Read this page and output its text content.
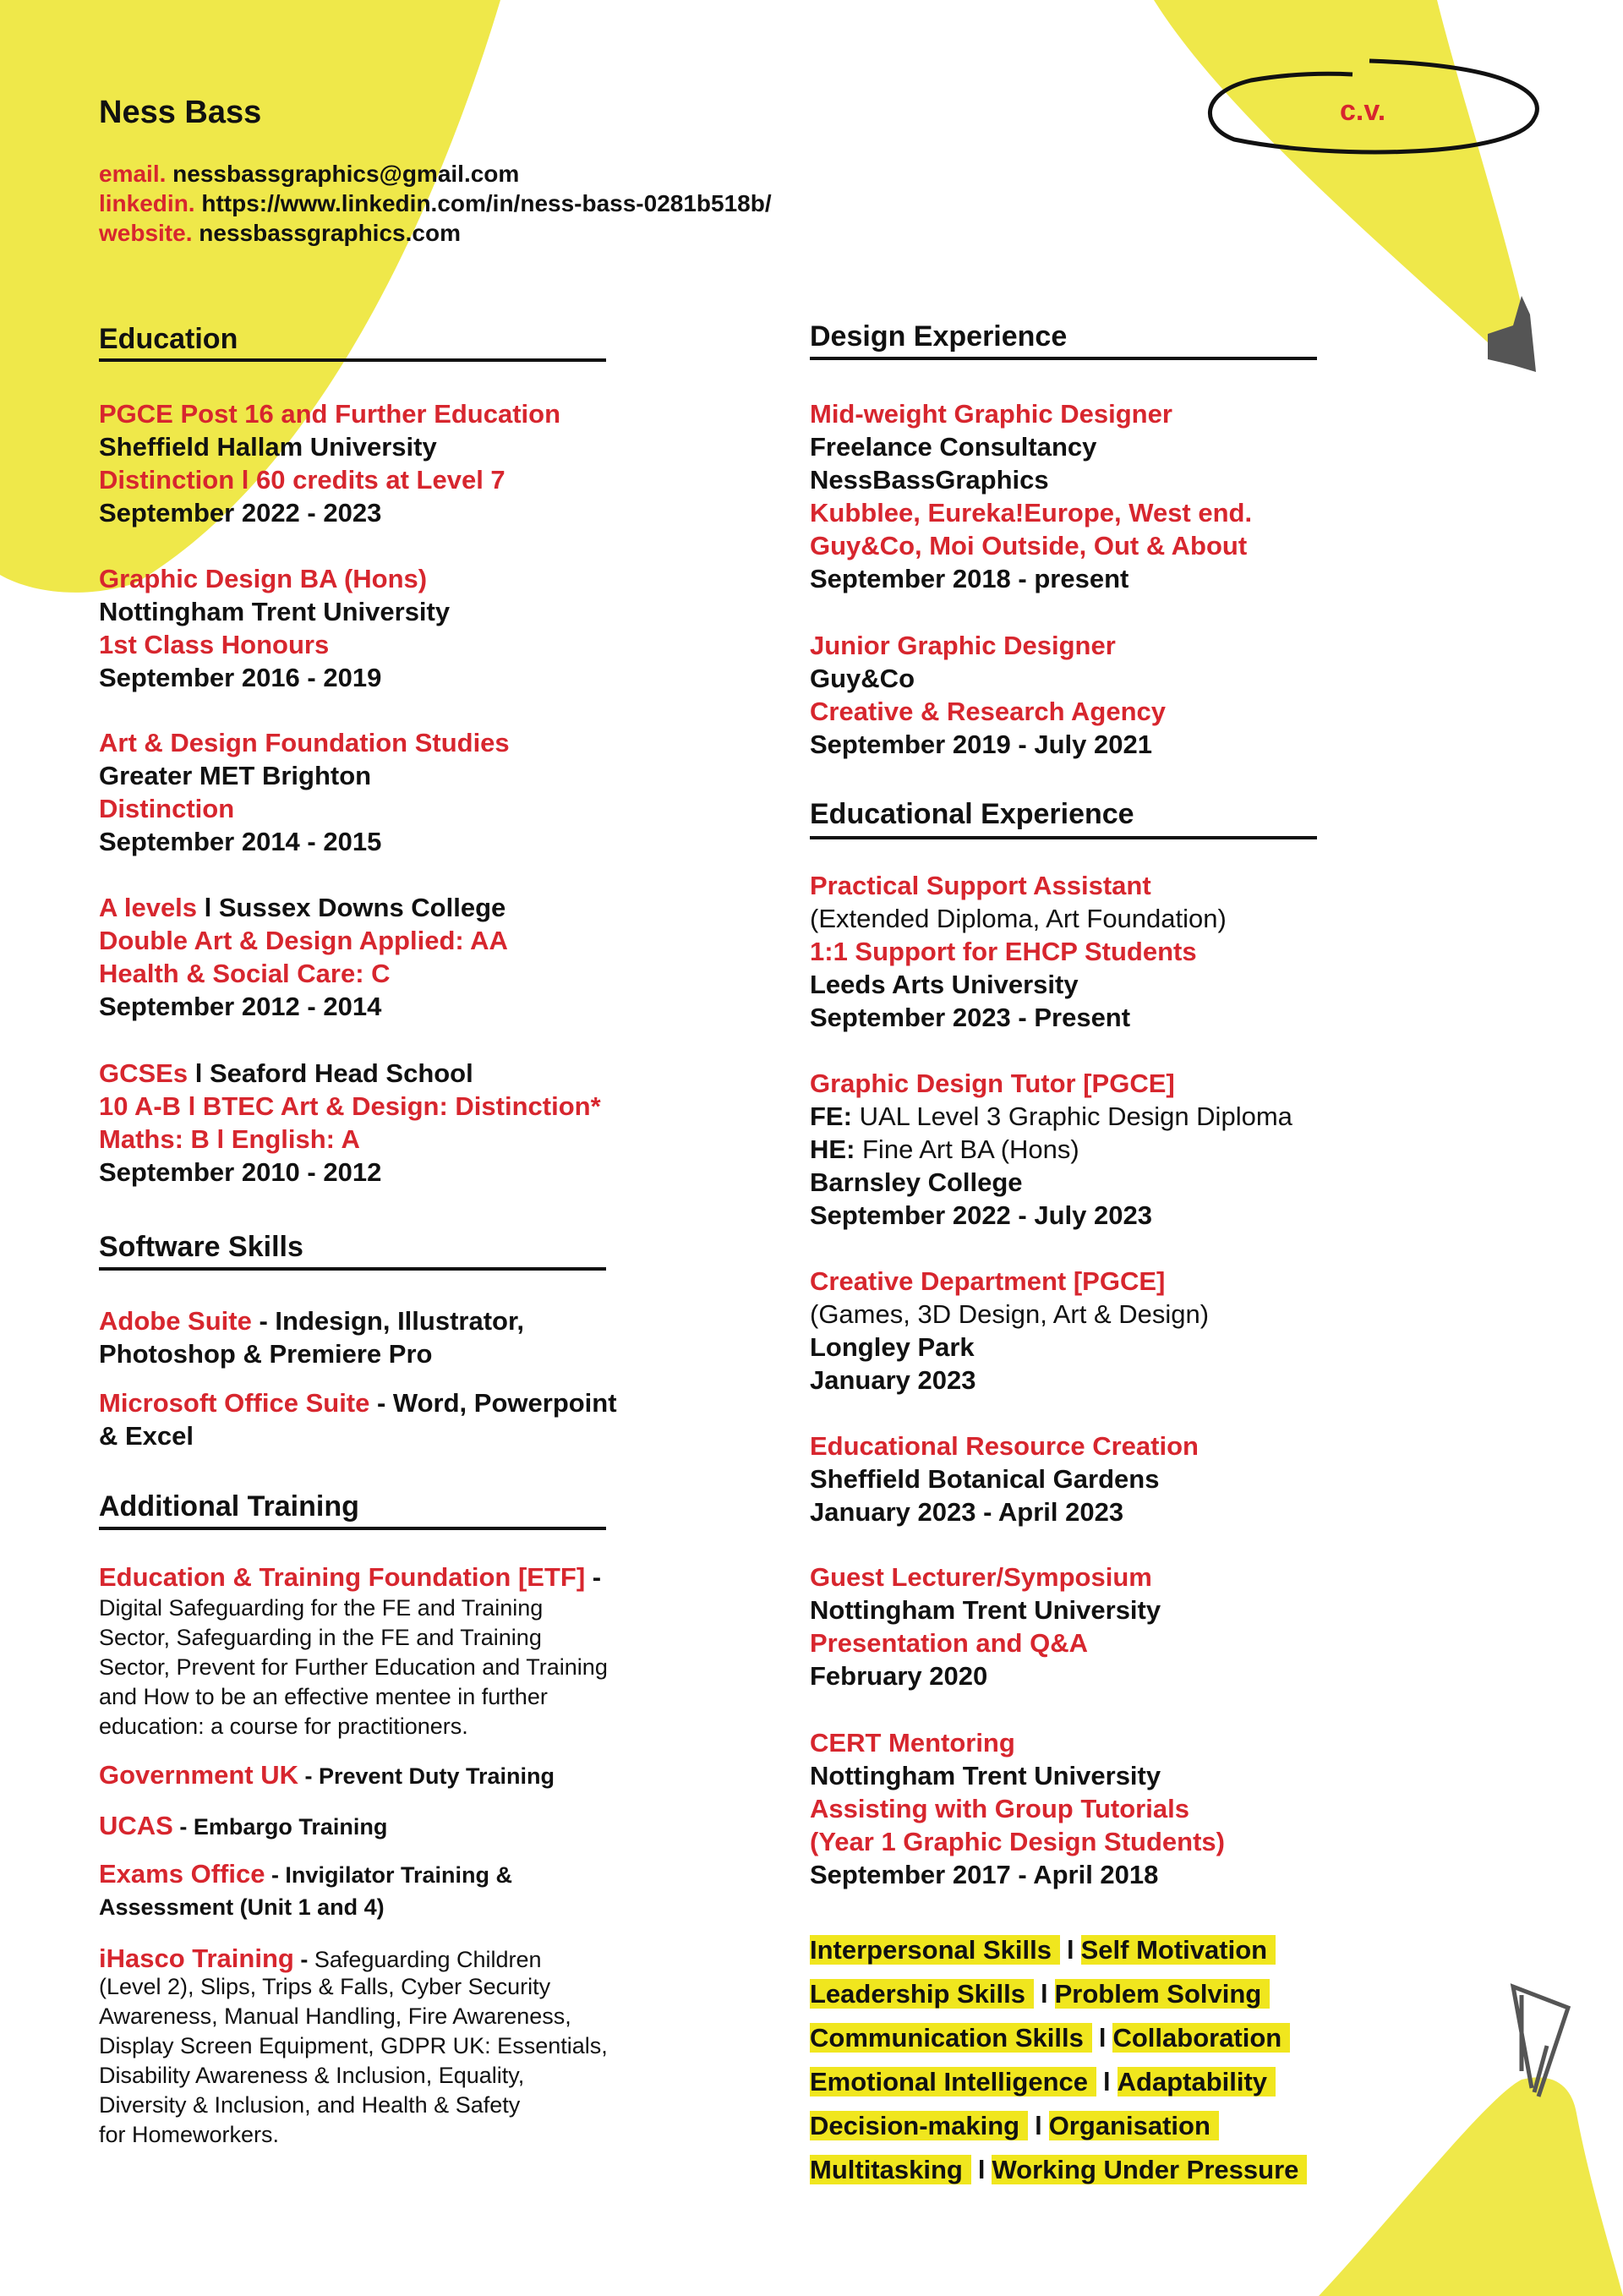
Ness Bass	c.v.
email. nessbassgraphics@gmail.com
linkedin. https://www.linkedin.com/in/ness-bass-0281b518b/
website. nessbassgraphics.com
Education
Software Skills
Additional Training
Design Experience
Educational Experience
PGCE Post 16 and Further Education
Sheffield Hallam University
Distinction l 60 credits at Level 7
September 2022 - 2023
Graphic Design BA (Hons)
Nottingham Trent University
1st Class Honours
September 2016 - 2019
Art & Design Foundation Studies
Greater MET Brighton
Distinction
September 2014 - 2015
A levels l Sussex Downs College
Double Art & Design Applied: AA
Health & Social Care: C
September 2012 - 2014
GCSEs l Seaford Head School
10 A-B l BTEC Art & Design: Distinction*
Maths: B l English: A
September 2010 - 2012
Adobe Suite - Indesign, Illustrator,
Photoshop & Premiere Pro
Microsoft Office Suite - Word, Powerpoint
& Excel
Education & Training Foundation [ETF] -
Digital Safeguarding for the FE and Training
Sector, Safeguarding in the FE and Training
Sector, Prevent for Further Education and Training
and How to be an effective mentee in further
education: a course for practitioners.
Government UK - Prevent Duty Training
UCAS - Embargo Training
Exams Office - Invigilator Training &
Assessment (Unit 1 and 4)
iHasco Training - Safeguarding Children
(Level 2), Slips, Trips & Falls, Cyber Security
Awareness, Manual Handling, Fire Awareness,
Display Screen Equipment, GDPR UK: Essentials,
Disability Awareness & Inclusion, Equality,
Diversity & Inclusion, and Health & Safety
for Homeworkers.
Mid-weight Graphic Designer
Freelance Consultancy
NessBassGraphics
Kubblee, Eureka!Europe, West end.
Guy&Co, Moi Outside, Out & About
September 2018 - present
Junior Graphic Designer
Guy&Co
Creative & Research Agency
September 2019 - July 2021
Practical Support Assistant
(Extended Diploma, Art Foundation)
1:1 Support for EHCP Students
Leeds Arts University
September 2023 - Present
Graphic Design Tutor [PGCE]
FE: UAL Level 3 Graphic Design Diploma
HE: Fine Art BA (Hons)
Barnsley College
September 2022 - July 2023
Creative Department [PGCE]
(Games, 3D Design, Art & Design)
Longley Park
January 2023
Educational Resource Creation
Sheffield Botanical Gardens
January 2023 - April 2023
Guest Lecturer/Symposium
Nottingham Trent University
Presentation and Q&A
February 2020
CERT Mentoring
Nottingham Trent University
Assisting with Group Tutorials
(Year 1 Graphic Design Students)
September 2017 - April 2018
Interpersonal Skills l Self Motivation
Leadership Skills l Problem Solving
Communication Skills l Collaboration
Emotional Intelligence l Adaptability
Decision-making l Organisation
Multitasking l Working Under Pressure
